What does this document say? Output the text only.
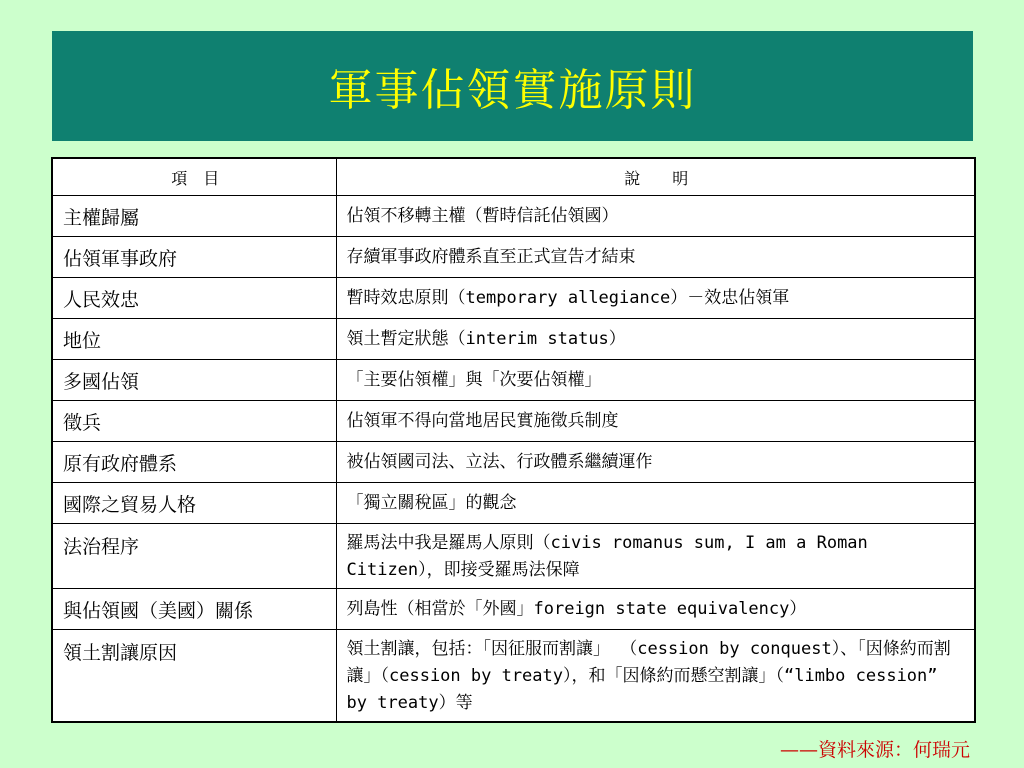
軍事佔領實施原則
項　目	說　　明
主權歸屬	佔領不移轉主權（暫時信託佔領國）
佔領軍事政府	存續軍事政府體系直至正式宣告才結束
人民效忠	暫時效忠原則（temporary allegiance）－效忠佔領軍
地位	領土暫定狀態（interim status）
多國佔領	「主要佔領權」與「次要佔領權」
徵兵	佔領軍不得向當地居民實施徵兵制度
原有政府體系	被佔領國司法、立法、行政體系繼續運作
國際之貿易人格	「獨立關稅區」的觀念
法治程序	羅馬法中我是羅馬人原則（civis romanus sum, I am a Roman Citizen），即接受羅馬法保障
與佔領國（美國）關係	列島性（相當於「外國」foreign state equivalency）
領土割讓原因	領土割讓，包括：「因征服而割讓」 （cession by conquest）、「因條約而割讓」（cession by treaty），和「因條約而懸空割讓」（“limbo cession” by treaty）等
——資料來源：何瑞元
